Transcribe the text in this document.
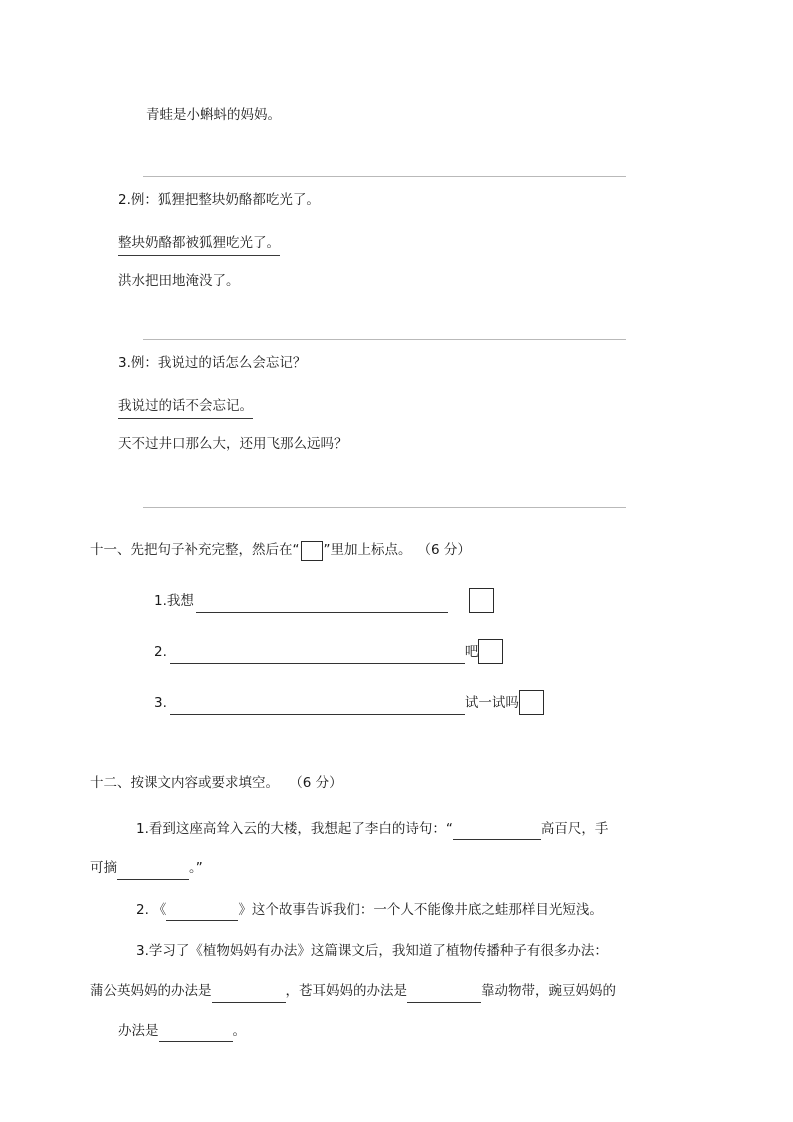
青蛙是小蝌蚪的妈妈。
2.例：狐狸把整块奶酪都吃光了。
整块奶酪都被狐狸吃光了。
洪水把田地淹没了。
3.例：我说过的话怎么会忘记？
我说过的话不会忘记。
天不过井口那么大，还用飞那么远吗？
十一、先把句子补充完整，然后在“ ”里加上标点。 （6 分）
1. 我想
2.	吧
3.	试一试吗
十二、按课文内容或要求填空。 （6 分）
1. 看到这座高耸入云的大楼，我想起了李白的诗句：“	高百尺，手
可摘	。”
2. 《	》这个故事告诉我们：一个人不能像井底之蛙那样目光短浅。
3. 学习了《植物妈妈有办法》这篇课文后，我知道了植物传播种子有很多办法：
蒲公英妈妈的办法是	，苍耳妈妈的办法是	靠动物带，豌豆妈妈的
办法是	。
